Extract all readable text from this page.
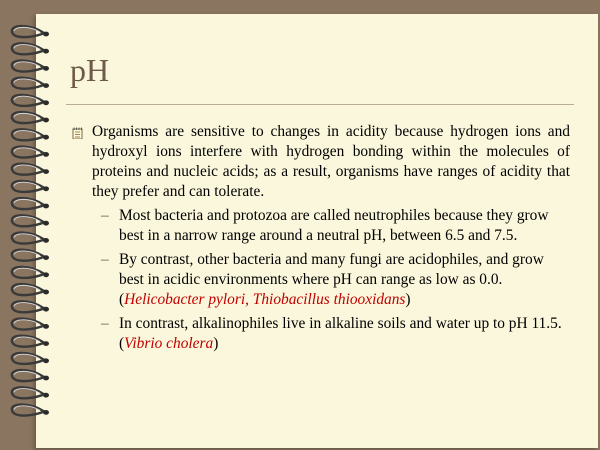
pH
Organisms are sensitive to changes in acidity because hydrogen ions and hydroxyl ions interfere with hydrogen bonding within the molecules of proteins and nucleic acids; as a result, organisms have ranges of acidity that they prefer and can tolerate.
– Most bacteria and protozoa are called neutrophiles because they grow best in a narrow range around a neutral pH, between 6.5 and 7.5.
– By contrast, other bacteria and many fungi are acidophiles, and grow best in acidic environments where pH can range as low as 0.0. (Helicobacter pylori, Thiobacillus thiooxidans)
– In contrast, alkalinophiles live in alkaline soils and water up to pH 11.5. (Vibrio cholera)
